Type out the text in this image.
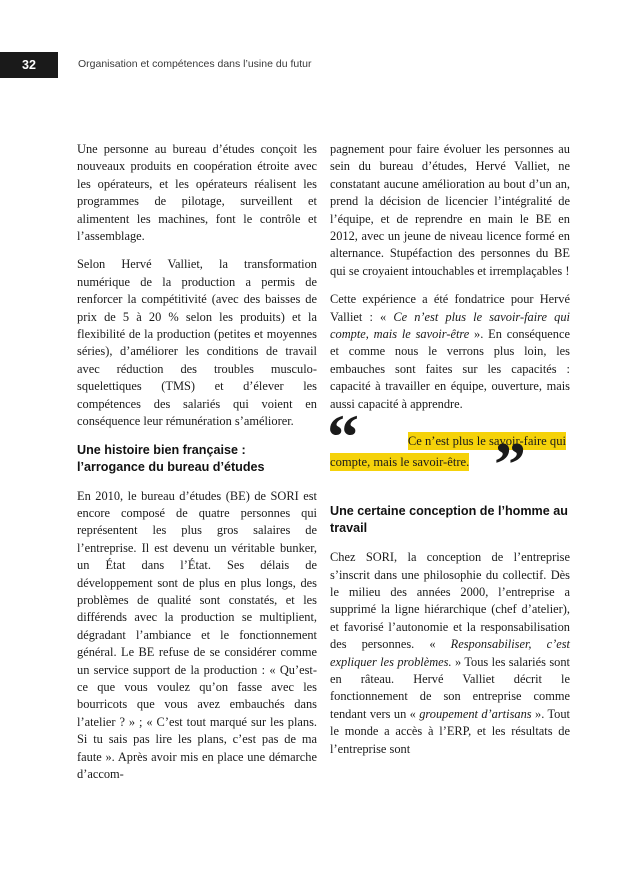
32	Organisation et compétences dans l’usine du futur

Une personne au bureau d’études conçoit les nouveaux produits en coopération étroite avec les opérateurs, et les opérateurs réalisent les programmes de pilotage, surveillent et alimentent les machines, font le contrôle et l’assemblage.

Selon Hervé Valliet, la transformation numérique de la production a permis de renforcer la compétitivité (avec des baisses de prix de 5 à 20 % selon les produits) et la flexibilité de la production (petites et moyennes séries), d’améliorer les conditions de travail avec réduction des troubles musculo-squelettiques (TMS) et d’élever les compétences des salariés qui voient en conséquence leur rémunération s’améliorer.

Une histoire bien française : l’arrogance du bureau d’études

En 2010, le bureau d’études (BE) de SORI est encore composé de quatre personnes qui représentent les plus gros salaires de l’entreprise. Il est devenu un véritable bunker, un État dans l’État. Ses délais de développement sont de plus en plus longs, des problèmes de qualité sont constatés, et les différends avec la production se multiplient, dégradant l’ambiance et le fonctionnement général. Le BE refuse de se considérer comme un service support de la production : « Qu’est-ce que vous voulez qu’on fasse avec les bourricots que vous avez embauchés dans l’atelier ? » ; « C’est tout marqué sur les plans. Si tu sais pas lire les plans, c’est pas de ma faute ». Après avoir mis en place une démarche d’accom-

pagnement pour faire évoluer les personnes au sein du bureau d’études, Hervé Valliet, ne constatant aucune amélioration au bout d’un an, prend la décision de licencier l’intégralité de l’équipe, et de reprendre en main le BE en 2012, avec un jeune de niveau licence formé en alternance. Stupéfaction des personnes du BE qui se croyaient intouchables et irremplaçables !

Cette expérience a été fondatrice pour Hervé Valliet : « Ce n’est plus le savoir-faire qui compte, mais le savoir-être ». En conséquence et comme nous le verrons plus loin, les embauches sont faites sur les capacités : capacité à travailler en équipe, ouverture, mais aussi capacité à apprendre.

Ce n’est plus le savoir-faire qui
compte, mais le savoir-être.
“ ”
Une certaine conception de l’homme au travail

Chez SORI, la conception de l’entreprise s’inscrit dans une philosophie du collectif. Dès le milieu des années 2000, l’entreprise a supprimé la ligne hiérarchique (chef d’atelier), et favorisé l’autonomie et la responsabilisation des personnes. « Responsabiliser, c’est expliquer les problèmes. » Tous les salariés sont en râteau. Hervé Valliet décrit le fonctionnement de son entreprise comme tendant vers un « groupement d’artisans ». Tout le monde a accès à l’ERP, et les résultats de l’entreprise sont
